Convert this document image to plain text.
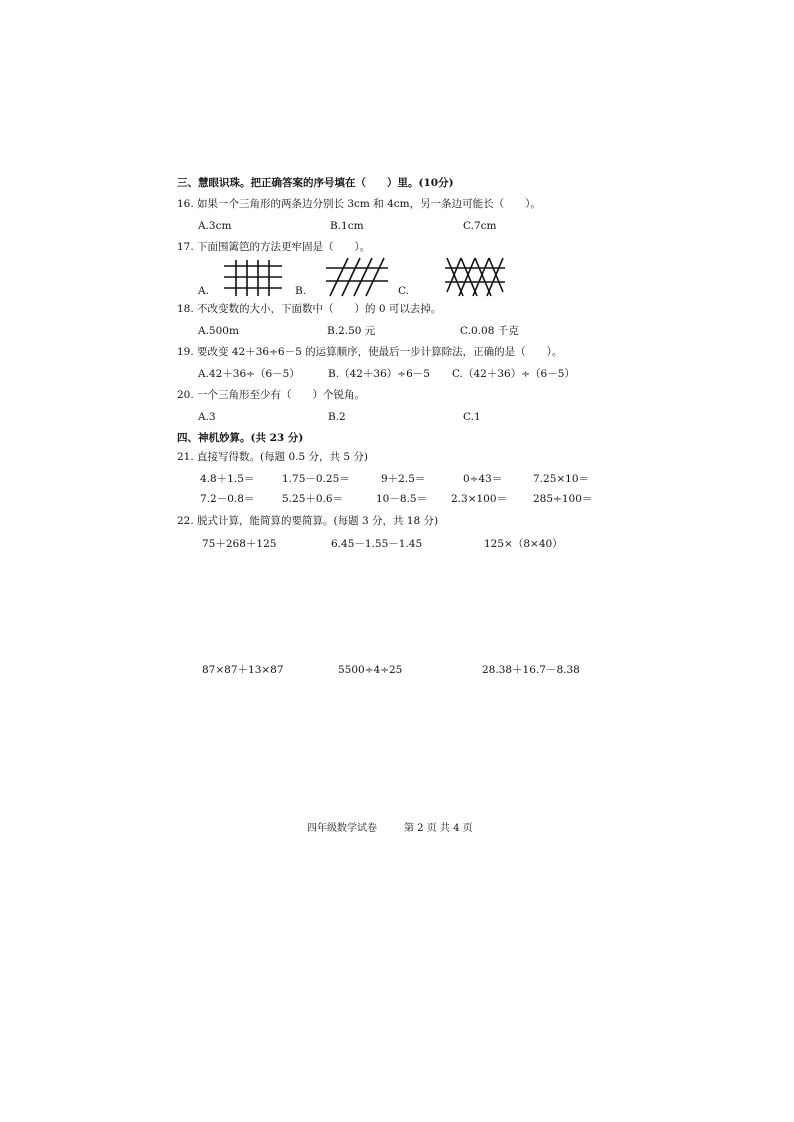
三、慧眼识珠。把正确答案的序号填在（　　）里。(10分)
16. 如果一个三角形的两条边分别长 3cm 和 4cm，另一条边可能长（　　）。
A.3cm	B.1cm	C.7cm
17. 下面围篱笆的方法更牢固是（　　）。
A.	B.	C.
18. 不改变数的大小，下面数中（　　）的 0 可以去掉。
A.500m	B.2.50 元	C.0.08 千克
19. 要改变 42＋36÷6－5 的运算顺序，使最后一步计算除法，正确的是（　　）。
A.42＋36÷（6－5）	B.（42＋36）÷6－5 C.（42＋36）÷（6－5）
20. 一个三角形至少有（　　）个锐角。
A.3	B.2	C.1
四、神机妙算。(共 23 分)
21. 直接写得数。(每题 0.5 分，共 5 分)
4.8＋1.5＝	1.75－0.25＝	9＋2.5＝	0÷43＝	7.25×10＝
7.2－0.8＝	5.25＋0.6＝	10－8.5＝ 2.3×100＝ 285÷100＝
22. 脱式计算，能简算的要简算。(每题 3 分，共 18 分)
75＋268＋125	6.45－1.55－1.45	125×（8×40）
87×87＋13×87	5500÷4÷25	28.38＋16.7－8.38
四年级数学试卷	第 2 页 共 4 页
